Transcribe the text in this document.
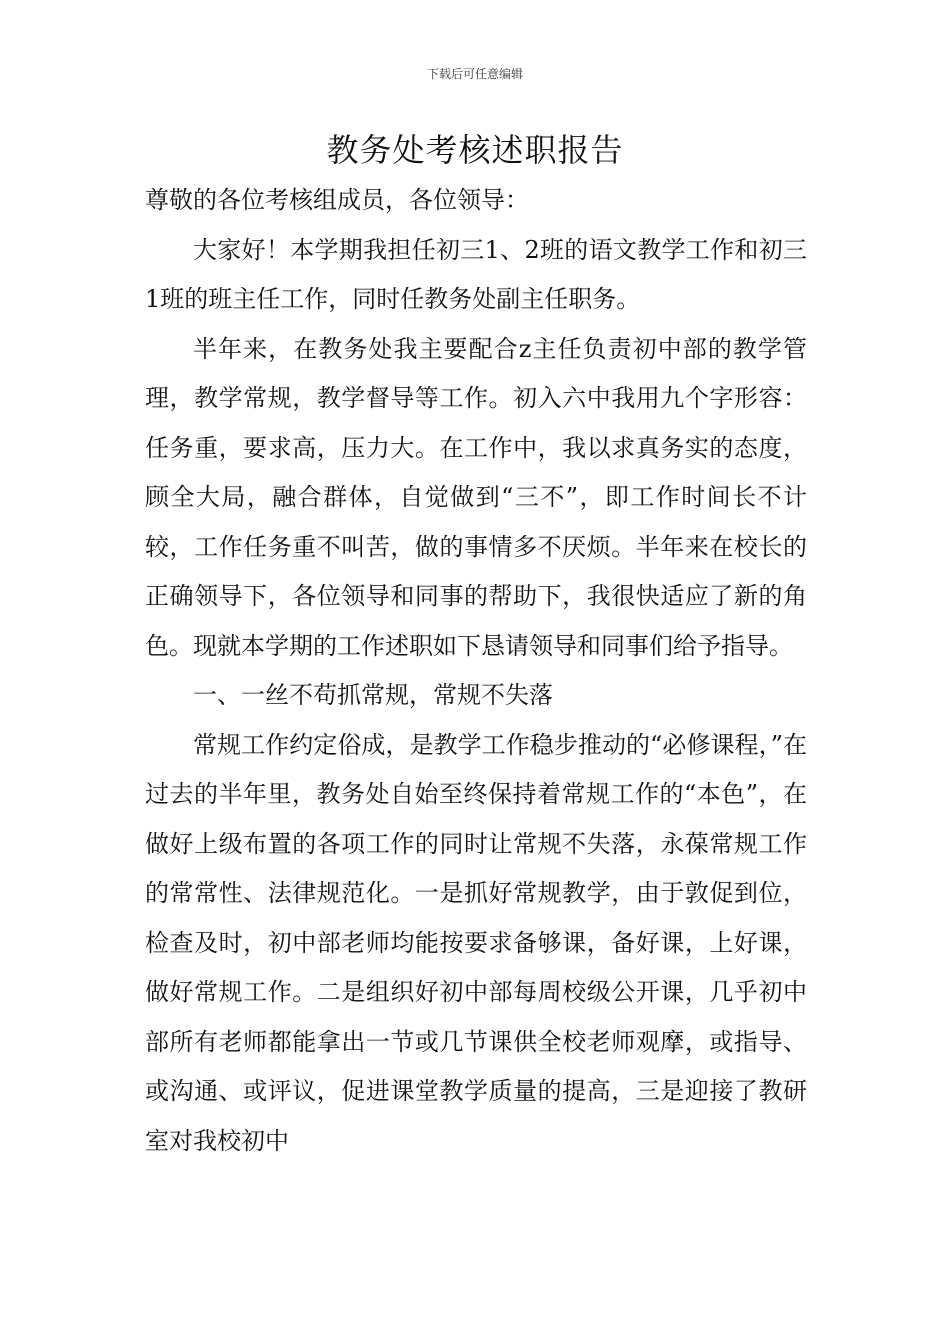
下载后可任意编辑
教务处考核述职报告

尊敬的各位考核组成员，各位领导：

大家好！本学期我担任初三1、2班的语文教学工作和初三1班的班主任工作，同时任教务处副主任职务。

半年来，在教务处我主要配合z主任负责初中部的教学管理，教学常规，教学督导等工作。初入六中我用九个字形容：任务重，要求高，压力大。在工作中，我以求真务实的态度，顾全大局，融合群体，自觉做到“三不”，即工作时间长不计较，工作任务重不叫苦，做的事情多不厌烦。半年来在校长的正确领导下，各位领导和同事的帮助下，我很快适应了新的角色。现就本学期的工作述职如下恳请领导和同事们给予指导。

一、一丝不苟抓常规，常规不失落

常规工作约定俗成，是教学工作稳步推动的“必修课程，”在过去的半年里，教务处自始至终保持着常规工作的“本色”，在做好上级布置的各项工作的同时让常规不失落，永葆常规工作的常常性、法律规范化。一是抓好常规教学，由于敦促到位，检查及时，初中部老师均能按要求备够课，备好课，上好课，做好常规工作。二是组织好初中部每周校级公开课，几乎初中部所有老师都能拿出一节或几节课供全校老师观摩，或指导、或沟通、或评议，促进课堂教学质量的提高，三是迎接了教研室对我校初中
